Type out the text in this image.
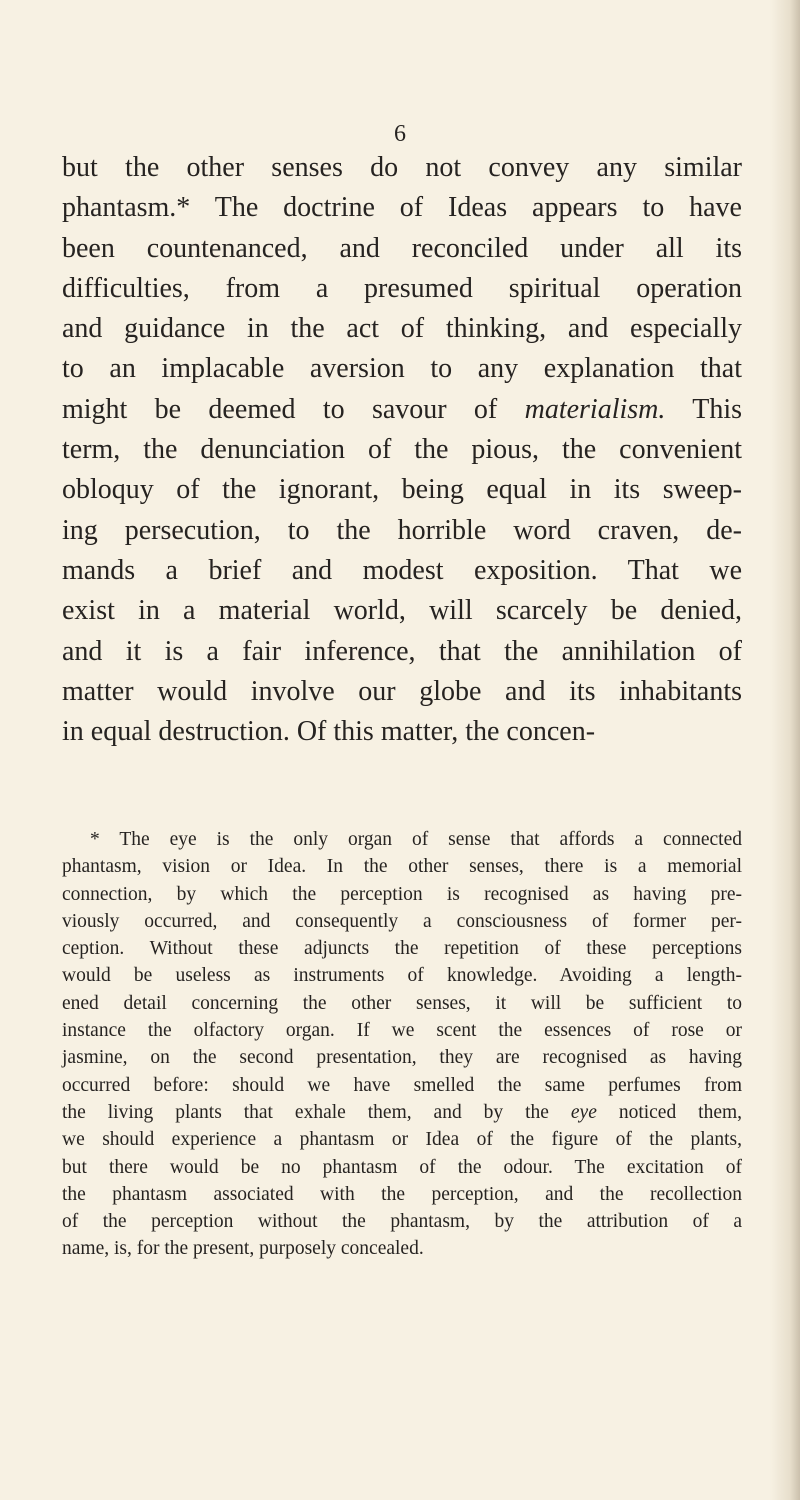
6
but the other senses do not convey any similar
phantasm.* The doctrine of Ideas appears to have
been countenanced, and reconciled under all its
difficulties, from a presumed spiritual operation
and guidance in the act of thinking, and especially
to an implacable aversion to any explanation that
might be deemed to savour of materialism. This
term, the denunciation of the pious, the convenient
obloquy of the ignorant, being equal in its sweep-
ing persecution, to the horrible word craven, de-
mands a brief and modest exposition. That we
exist in a material world, will scarcely be denied,
and it is a fair inference, that the annihilation of
matter would involve our globe and its inhabitants
in equal destruction. Of this matter, the concen-
* The eye is the only organ of sense that affords a connected
phantasm, vision or Idea. In the other senses, there is a memorial
connection, by which the perception is recognised as having pre-
viously occurred, and consequently a consciousness of former per-
ception. Without these adjuncts the repetition of these perceptions
would be useless as instruments of knowledge. Avoiding a length-
ened detail concerning the other senses, it will be sufficient to
instance the olfactory organ. If we scent the essences of rose or
jasmine, on the second presentation, they are recognised as having
occurred before: should we have smelled the same perfumes from
the living plants that exhale them, and by the eye noticed them,
we should experience a phantasm or Idea of the figure of the plants,
but there would be no phantasm of the odour. The excitation of
the phantasm associated with the perception, and the recollection
of the perception without the phantasm, by the attribution of a
name, is, for the present, purposely concealed.
